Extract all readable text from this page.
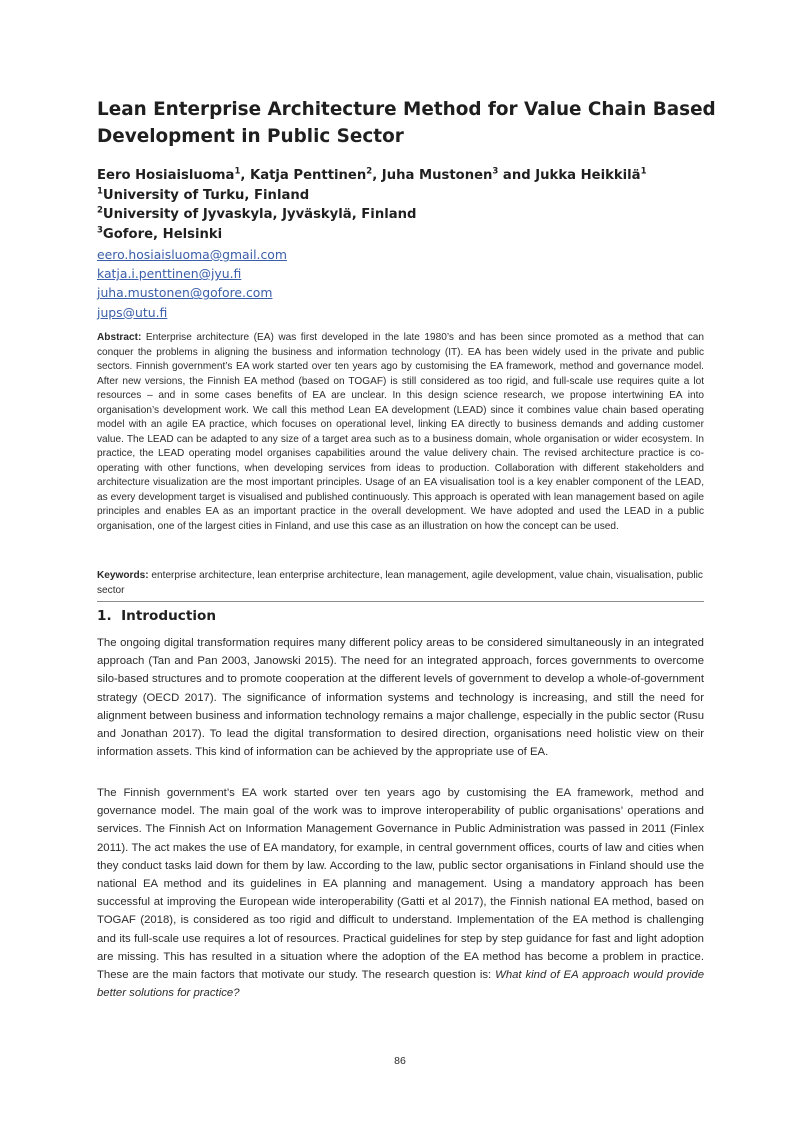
Lean Enterprise Architecture Method for Value Chain Based Development in Public Sector
Eero Hosiaisluoma$^1$, Katja Penttinen$^2$, Juha Mustonen$^3$ and Jukka Heikkilä$^1$
$^1$University of Turku, Finland
$^2$University of Jyvaskyla, Jyväskylä, Finland
$^3$Gofore, Helsinki
eero.hosiaisluoma@gmail.com
katja.i.penttinen@jyu.fi
juha.mustonen@gofore.com
jups@utu.fi

Abstract: Enterprise architecture (EA) was first developed in the late 1980’s and has been since promoted as a method that can conquer the problems in aligning the business and information technology (IT). EA has been widely used in the private and public sectors. Finnish government’s EA work started over ten years ago by customising the EA framework, method and governance model. After new versions, the Finnish EA method (based on TOGAF) is still considered as too rigid, and full-scale use requires quite a lot resources – and in some cases benefits of EA are unclear. In this design science research, we propose intertwining EA into organisation’s development work. We call this method Lean EA development (LEAD) since it combines value chain based operating model with an agile EA practice, which focuses on operational level, linking EA directly to business demands and adding customer value. The LEAD can be adapted to any size of a target area such as to a business domain, whole organisation or wider ecosystem. In practice, the LEAD operating model organises capabilities around the value delivery chain. The revised architecture practice is co-operating with other functions, when developing services from ideas to production. Collaboration with different stakeholders and architecture visualization are the most important principles. Usage of an EA visualisation tool is a key enabler component of the LEAD, as every development target is visualised and published continuously. This approach is operated with lean management based on agile principles and enables EA as an important practice in the overall development. We have adopted and used the LEAD in a public organisation, one of the largest cities in Finland, and use this case as an illustration on how the concept can be used.

Keywords: enterprise architecture, lean enterprise architecture, lean management, agile development, value chain, visualisation, public sector

1. Introduction

The ongoing digital transformation requires many different policy areas to be considered simultaneously in an integrated approach (Tan and Pan 2003, Janowski 2015). The need for an integrated approach, forces governments to overcome silo-based structures and to promote cooperation at the different levels of government to develop a whole-of-government strategy (OECD 2017). The significance of information systems and technology is increasing, and still the need for alignment between business and information technology remains a major challenge, especially in the public sector (Rusu and Jonathan 2017). To lead the digital transformation to desired direction, organisations need holistic view on their information assets. This kind of information can be achieved by the appropriate use of EA.

The Finnish government’s EA work started over ten years ago by customising the EA framework, method and governance model. The main goal of the work was to improve interoperability of public organisations’ operations and services. The Finnish Act on Information Management Governance in Public Administration was passed in 2011 (Finlex 2011). The act makes the use of EA mandatory, for example, in central government offices, courts of law and cities when they conduct tasks laid down for them by law. According to the law, public sector organisations in Finland should use the national EA method and its guidelines in EA planning and management. Using a mandatory approach has been successful at improving the European wide interoperability (Gatti et al 2017), the Finnish national EA method, based on TOGAF (2018), is considered as too rigid and difficult to understand. Implementation of the EA method is challenging and its full-scale use requires a lot of resources. Practical guidelines for step by step guidance for fast and light adoption are missing. This has resulted in a situation where the adoption of the EA method has become a problem in practice. These are the main factors that motivate our study. The research question is: What kind of EA approach would provide better solutions for practice?

86
